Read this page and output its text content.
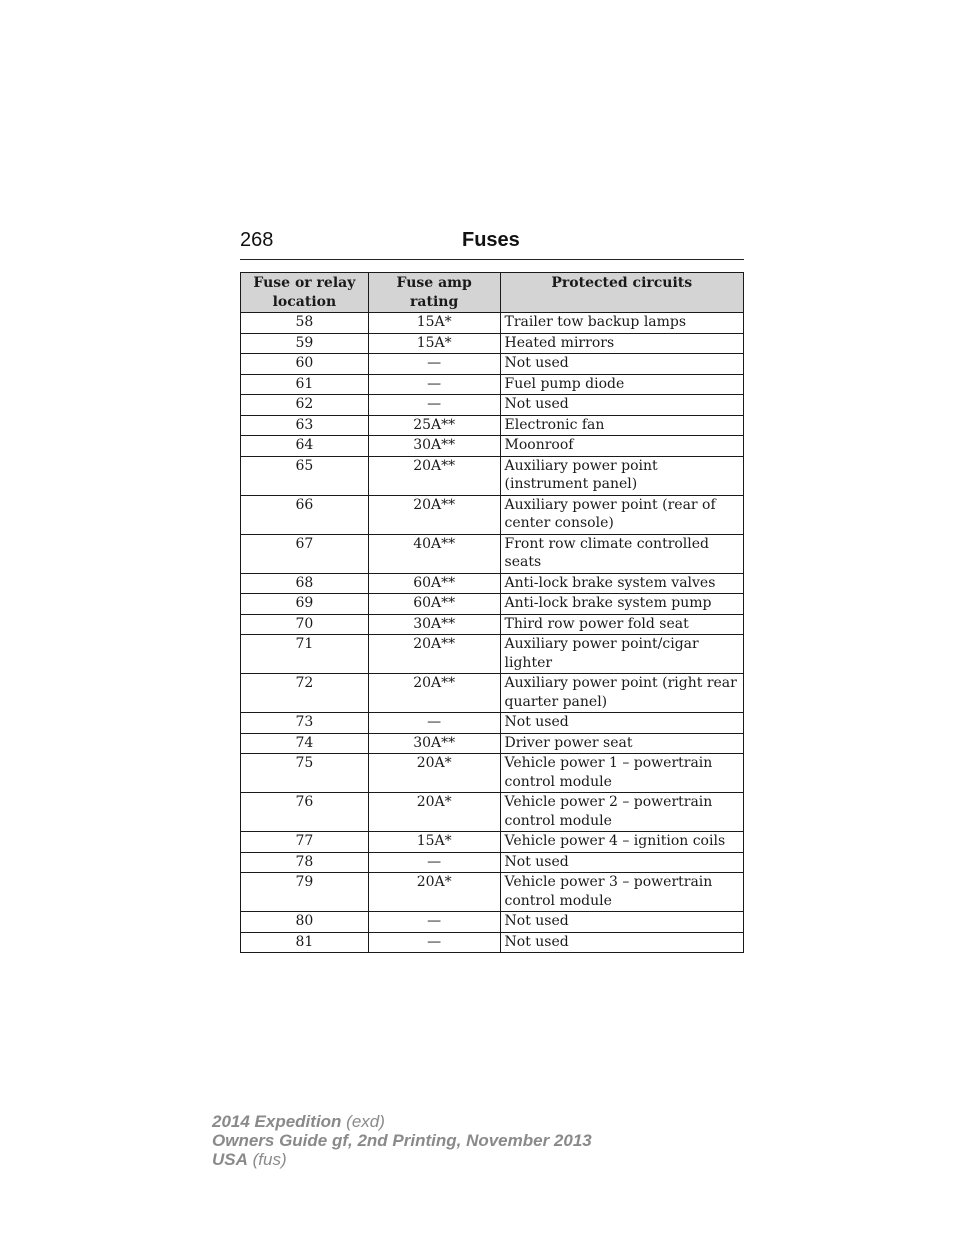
268	Fuses
Fuse or relay location	Fuse amp rating	Protected circuits
58	15A*	Trailer tow backup lamps
59	15A*	Heated mirrors
60	—	Not used
61	—	Fuel pump diode
62	—	Not used
63	25A**	Electronic fan
64	30A**	Moonroof
65	20A**	Auxiliary power point (instrument panel)
66	20A**	Auxiliary power point (rear of center console)
67	40A**	Front row climate controlled seats
68	60A**	Anti-lock brake system valves
69	60A**	Anti-lock brake system pump
70	30A**	Third row power fold seat
71	20A**	Auxiliary power point/cigar lighter
72	20A**	Auxiliary power point (right rear quarter panel)
73	—	Not used
74	30A**	Driver power seat
75	20A*	Vehicle power 1 – powertrain control module
76	20A*	Vehicle power 2 – powertrain control module
77	15A*	Vehicle power 4 – ignition coils
78	—	Not used
79	20A*	Vehicle power 3 – powertrain control module
80	—	Not used
81	—	Not used
2014 Expedition (exd)
Owners Guide gf, 2nd Printing, November 2013
USA (fus)
